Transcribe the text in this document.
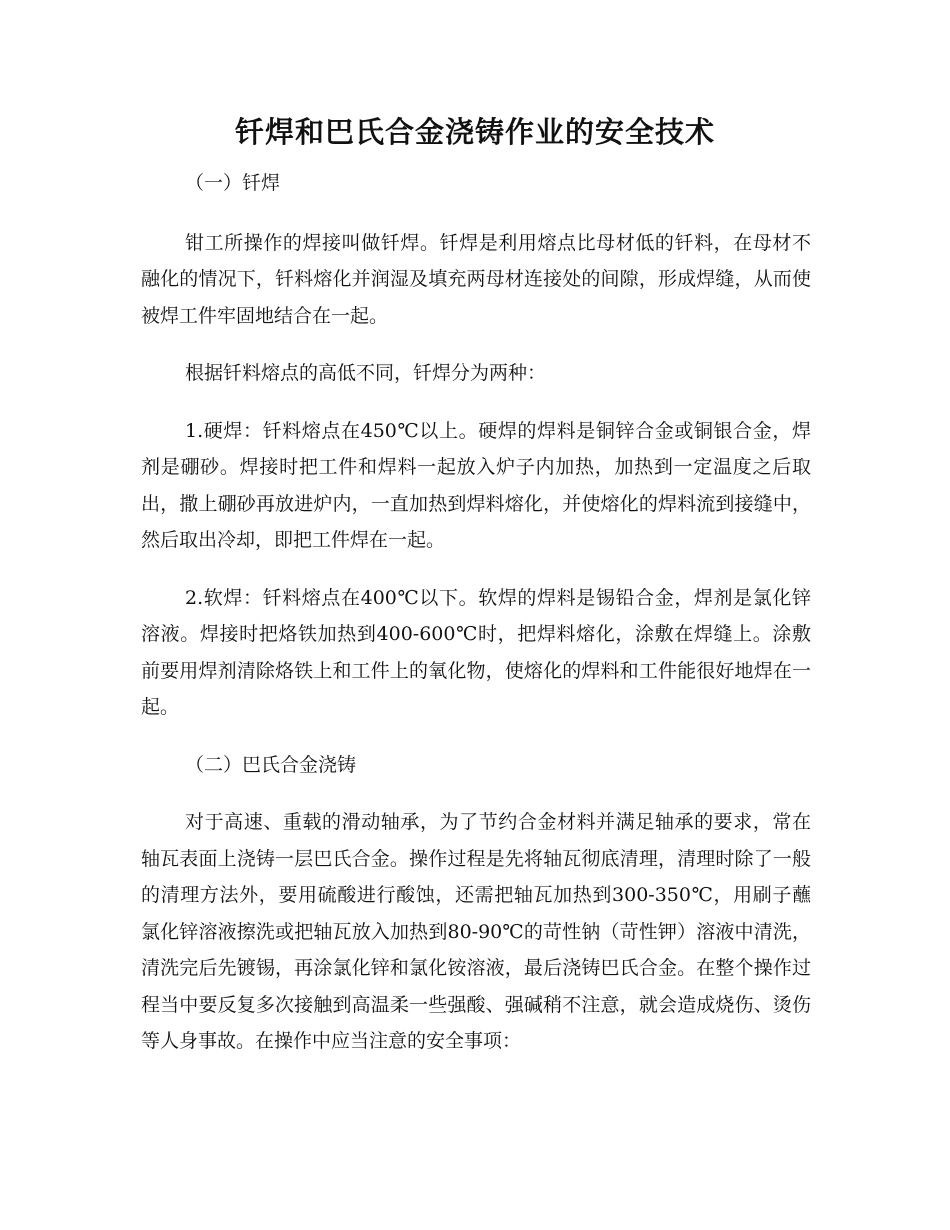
钎焊和巴氏合金浇铸作业的安全技术

（一）钎焊

钳工所操作的焊接叫做钎焊。钎焊是利用熔点比母材低的钎料，在母材不融化的情况下，钎料熔化并润湿及填充两母材连接处的间隙，形成焊缝，从而使被焊工件牢固地结合在一起。

根据钎料熔点的高低不同，钎焊分为两种：

1.硬焊：钎料熔点在450℃以上。硬焊的焊料是铜锌合金或铜银合金，焊剂是硼砂。焊接时把工件和焊料一起放入炉子内加热，加热到一定温度之后取出，撒上硼砂再放进炉内，一直加热到焊料熔化，并使熔化的焊料流到接缝中，然后取出冷却，即把工件焊在一起。

2.软焊：钎料熔点在400℃以下。软焊的焊料是锡铅合金，焊剂是氯化锌溶液。焊接时把烙铁加热到400-600℃时，把焊料熔化，涂敷在焊缝上。涂敷前要用焊剂清除烙铁上和工件上的氧化物，使熔化的焊料和工件能很好地焊在一起。

（二）巴氏合金浇铸

对于高速、重载的滑动轴承，为了节约合金材料并满足轴承的要求，常在轴瓦表面上浇铸一层巴氏合金。操作过程是先将轴瓦彻底清理，清理时除了一般的清理方法外，要用硫酸进行酸蚀，还需把轴瓦加热到300-350℃，用刷子蘸氯化锌溶液擦洗或把轴瓦放入加热到80-90℃的苛性钠（苛性钾）溶液中清洗，清洗完后先镀锡，再涂氯化锌和氯化铵溶液，最后浇铸巴氏合金。在整个操作过程当中要反复多次接触到高温柔一些强酸、强碱稍不注意，就会造成烧伤、烫伤等人身事故。在操作中应当注意的安全事项：
